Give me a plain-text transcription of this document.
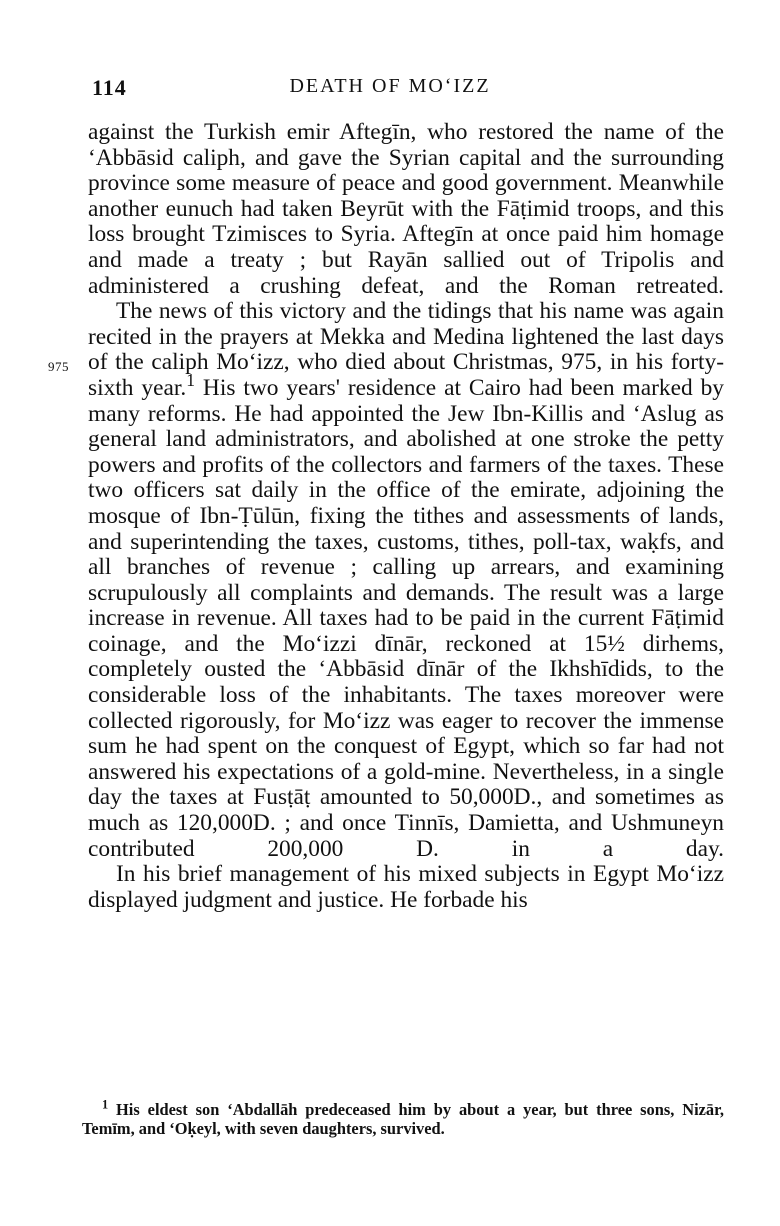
114	DEATH OF MO‘IZZ
975

against the Turkish emir Aftegīn, who restored the name of the ‘Abbāsid caliph, and gave the Syrian capital and the surrounding province some measure of peace and good government. Meanwhile another eunuch had taken Beyrūt with the Fāṭimid troops, and this loss brought Tzimisces to Syria. Aftegīn at once paid him homage and made a treaty ; but Rayān sallied out of Tripolis and administered a crushing defeat, and the Roman retreated.

The news of this victory and the tidings that his name was again recited in the prayers at Mekka and Medina lightened the last days of the caliph Mo‘izz, who died about Christmas, 975, in his forty-sixth year.$^1$ His two years' residence at Cairo had been marked by many reforms. He had appointed the Jew Ibn-Killis and ‘Aslug as general land administrators, and abolished at one stroke the petty powers and profits of the collectors and farmers of the taxes. These two officers sat daily in the office of the emirate, adjoining the mosque of Ibn-Ṭūlūn, fixing the tithes and assessments of lands, and superintending the taxes, customs, tithes, poll-tax, waḳfs, and all branches of revenue ; calling up arrears, and examining scrupulously all complaints and demands. The result was a large increase in revenue. All taxes had to be paid in the current Fāṭimid coinage, and the Mo‘izzi dīnār, reckoned at 15½ dirhems, completely ousted the ‘Abbāsid dīnār of the Ikhshīdids, to the considerable loss of the inhabitants. The taxes moreover were collected rigorously, for Mo‘izz was eager to recover the immense sum he had spent on the conquest of Egypt, which so far had not answered his expectations of a gold-mine. Nevertheless, in a single day the taxes at Fusṭāṭ amounted to 50,000D., and sometimes as much as 120,000D. ; and once Tinnīs, Damietta, and Ushmuneyn contributed 200,000 D. in a day.

In his brief management of his mixed subjects in Egypt Mo‘izz displayed judgment and justice. He forbade his

$^1$ His eldest son ‘Abdallāh predeceased him by about a year, but three sons, Nizār, Temīm, and ‘Oḳeyl, with seven daughters, survived.
